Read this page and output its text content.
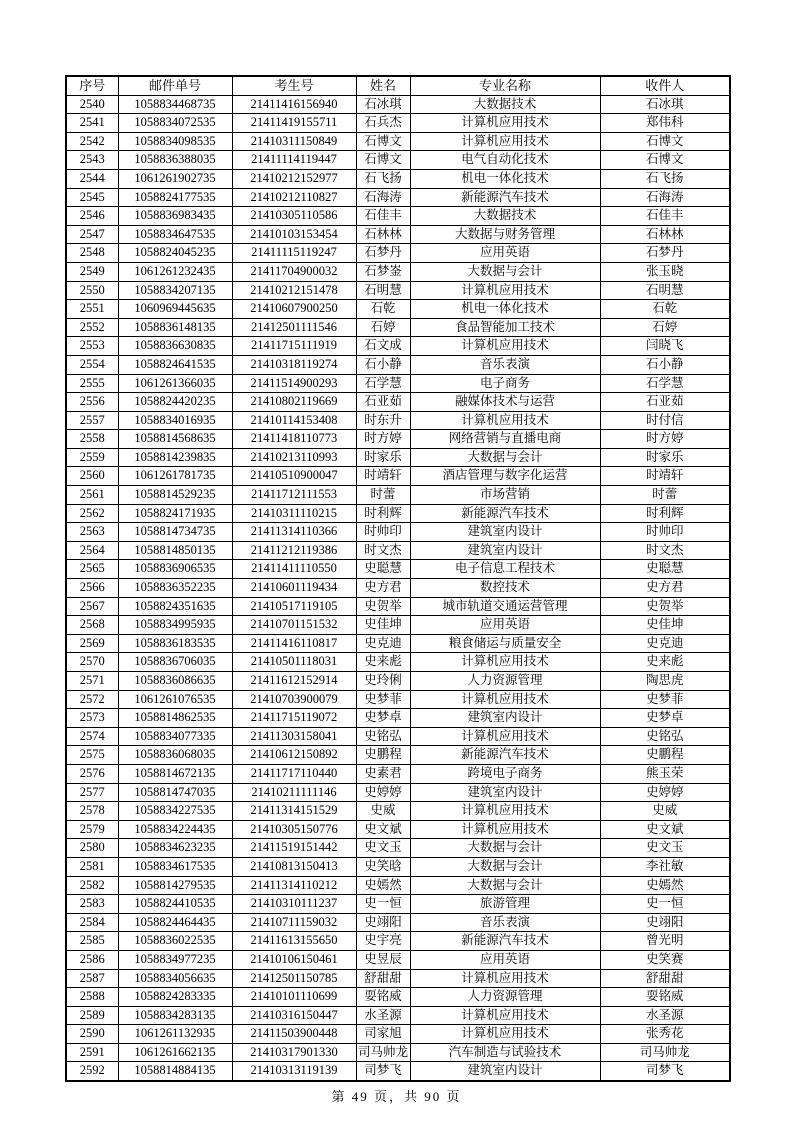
序号	邮件单号	考生号	姓名	专业名称	收件人
2540	1058834468735	21411416156940	石冰琪	大数据技术	石冰琪
2541	1058834072535	21411419155711	石兵杰	计算机应用技术	郑伟科
2542	1058834098535	21410311150849	石博文	计算机应用技术	石博文
2543	1058836388035	21411114119447	石博文	电气自动化技术	石博文
2544	1061261902735	21410212152977	石飞扬	机电一体化技术	石飞扬
2545	1058824177535	21410212110827	石海涛	新能源汽车技术	石海涛
2546	1058836983435	21410305110586	石佳丰	大数据技术	石佳丰
2547	1058834647535	21410103153454	石林林	大数据与财务管理	石林林
2548	1058824045235	21411115119247	石梦丹	应用英语	石梦丹
2549	1061261232435	21411704900032	石梦崟	大数据与会计	张玉晓
2550	1058834207135	21410212151478	石明慧	计算机应用技术	石明慧
2551	1060969445635	21410607900250	石乾	机电一体化技术	石乾
2552	1058836148135	21412501111546	石婷	食品智能加工技术	石婷
2553	1058836630835	21411715111919	石文成	计算机应用技术	闫晓飞
2554	1058824641535	21410318119274	石小静	音乐表演	石小静
2555	1061261366035	21411514900293	石学慧	电子商务	石学慧
2556	1058824420235	21410802119669	石亚茹	融媒体技术与运营	石亚茹
2557	1058834016935	21410114153408	时东升	计算机应用技术	时付信
2558	1058814568635	21411418110773	时方婷	网络营销与直播电商	时方婷
2559	1058814239835	21410213110993	时家乐	大数据与会计	时家乐
2560	1061261781735	21410510900047	时靖轩	酒店管理与数字化运营	时靖轩
2561	1058814529235	21411712111553	时蕾	市场营销	时蕾
2562	1058824171935	21410311110215	时利辉	新能源汽车技术	时利辉
2563	1058814734735	21411314110366	时帅印	建筑室内设计	时帅印
2564	1058814850135	21411212119386	时文杰	建筑室内设计	时文杰
2565	1058836906535	21411411110550	史聪慧	电子信息工程技术	史聪慧
2566	1058836352235	21410601119434	史方君	数控技术	史方君
2567	1058824351635	21410517119105	史贺举	城市轨道交通运营管理	史贺举
2568	1058834995935	21410701151532	史佳坤	应用英语	史佳坤
2569	1058836183535	21411416110817	史克迪	粮食储运与质量安全	史克迪
2570	1058836706035	21410501118031	史来彪	计算机应用技术	史来彪
2571	1058836086635	21411612152914	史玲俐	人力资源管理	陶思虎
2572	1061261076535	21410703900079	史梦菲	计算机应用技术	史梦菲
2573	1058814862535	21411715119072	史梦卓	建筑室内设计	史梦卓
2574	1058834077335	21411303158041	史铭弘	计算机应用技术	史铭弘
2575	1058836068035	21410612150892	史鹏程	新能源汽车技术	史鹏程
2576	1058814672135	21411717110440	史素君	跨境电子商务	熊玉荣
2577	1058814747035	21410211111146	史婷婷	建筑室内设计	史婷婷
2578	1058834227535	21411314151529	史威	计算机应用技术	史威
2579	1058834224435	21410305150776	史文斌	计算机应用技术	史文斌
2580	1058834623235	21411519151442	史文玉	大数据与会计	史文玉
2581	1058834617535	21410813150413	史笑晗	大数据与会计	李社敏
2582	1058814279535	21411314110212	史嫣然	大数据与会计	史嫣然
2583	1058824410535	21410310111237	史一恒	旅游管理	史一恒
2584	1058824464435	21410711159032	史翊阳	音乐表演	史翊阳
2585	1058836022535	21411613155650	史宇亮	新能源汽车技术	曾光明
2586	1058834977235	21410106150461	史昱辰	应用英语	史笑赛
2587	1058834056635	21412501150785	舒甜甜	计算机应用技术	舒甜甜
2588	1058824283335	21410101110699	耍铭威	人力资源管理	耍铭威
2589	1058834283135	21410316150447	水圣源	计算机应用技术	水圣源
2590	1061261132935	21411503900448	司家旭	计算机应用技术	张秀花
2591	1061261662135	21410317901330	司马帅龙	汽车制造与试验技术	司马帅龙
2592	1058814884135	21410313119139	司梦飞	建筑室内设计	司梦飞
第 49 页，共 90 页
